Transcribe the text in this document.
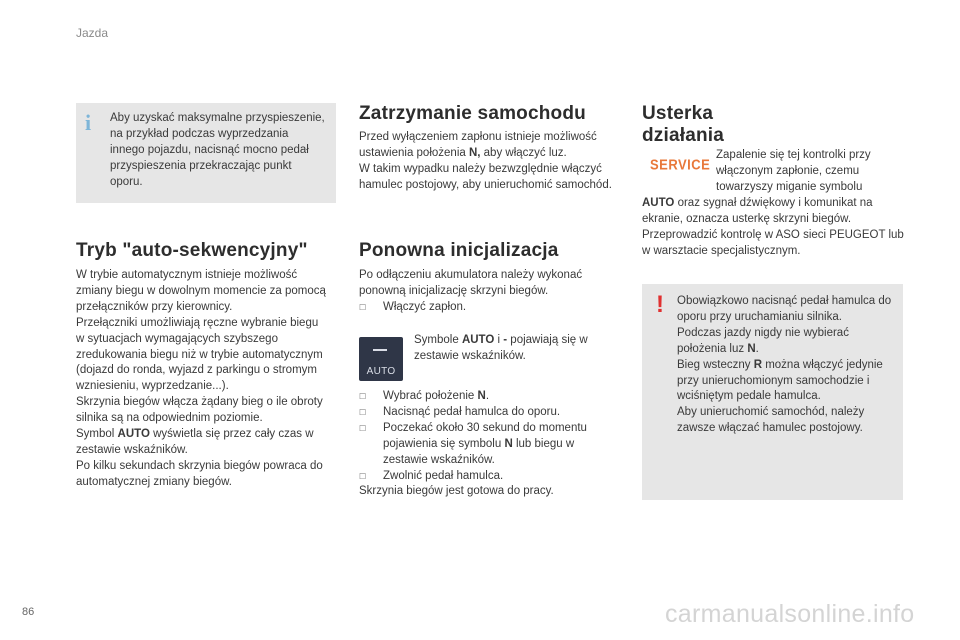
Jazda
i Aby uzyskać maksymalne przyspieszenie, na przykład podczas wyprzedzania innego pojazdu, nacisnąć mocno pedał przyspieszenia przekraczając punkt oporu.
Tryb "auto-sekwencyjny"
W trybie automatycznym istnieje możliwość zmiany biegu w dowolnym momencie za pomocą przełączników przy kierownicy.
Przełączniki umożliwiają ręczne wybranie biegu w sytuacjach wymagających szybszego zredukowania biegu niż w trybie automatycznym (dojazd do ronda, wyjazd z parkingu o stromym wzniesieniu, wyprzedzanie...).
Skrzynia biegów włącza żądany bieg o ile obroty silnika są na odpowiednim poziomie.
Symbol AUTO wyświetla się przez cały czas w zestawie wskaźników.
Po kilku sekundach skrzynia biegów powraca do automatycznej zmiany biegów.
Zatrzymanie samochodu
Przed wyłączeniem zapłonu istnieje możliwość ustawienia położenia N, aby włączyć luz.
W takim wypadku należy bezwzględnie włączyć hamulec postojowy, aby unieruchomić samochód.
Ponowna inicjalizacja
Po odłączeniu akumulatora należy wykonać ponowną inicjalizację skrzyni biegów.
☐ Włączyć zapłon.
AUTO
Symbole AUTO i - pojawiają się w zestawie wskaźników.
☐ Wybrać położenie N.
☐ Nacisnąć pedał hamulca do oporu.
☐ Poczekać około 30 sekund do momentu pojawienia się symbolu N lub biegu w zestawie wskaźników.
☐ Zwolnić pedał hamulca.
Skrzynia biegów jest gotowa do pracy.
Usterka
działania
SERVICE
Zapalenie się tej kontrolki przy włączonym zapłonie, czemu towarzyszy miganie symbolu
AUTO oraz sygnał dźwiękowy i komunikat na ekranie, oznacza usterkę skrzyni biegów.
Przeprowadzić kontrolę w ASO sieci PEUGEOT lub w warsztacie specjalistycznym.
! Obowiązkowo nacisnąć pedał hamulca do oporu przy uruchamianiu silnika.
Podczas jazdy nigdy nie wybierać położenia luz N.
Bieg wsteczny R można włączyć jedynie przy unieruchomionym samochodzie i wciśniętym pedale hamulca.
Aby unieruchomić samochód, należy zawsze włączać hamulec postojowy.
86	carmanualsonline.info
